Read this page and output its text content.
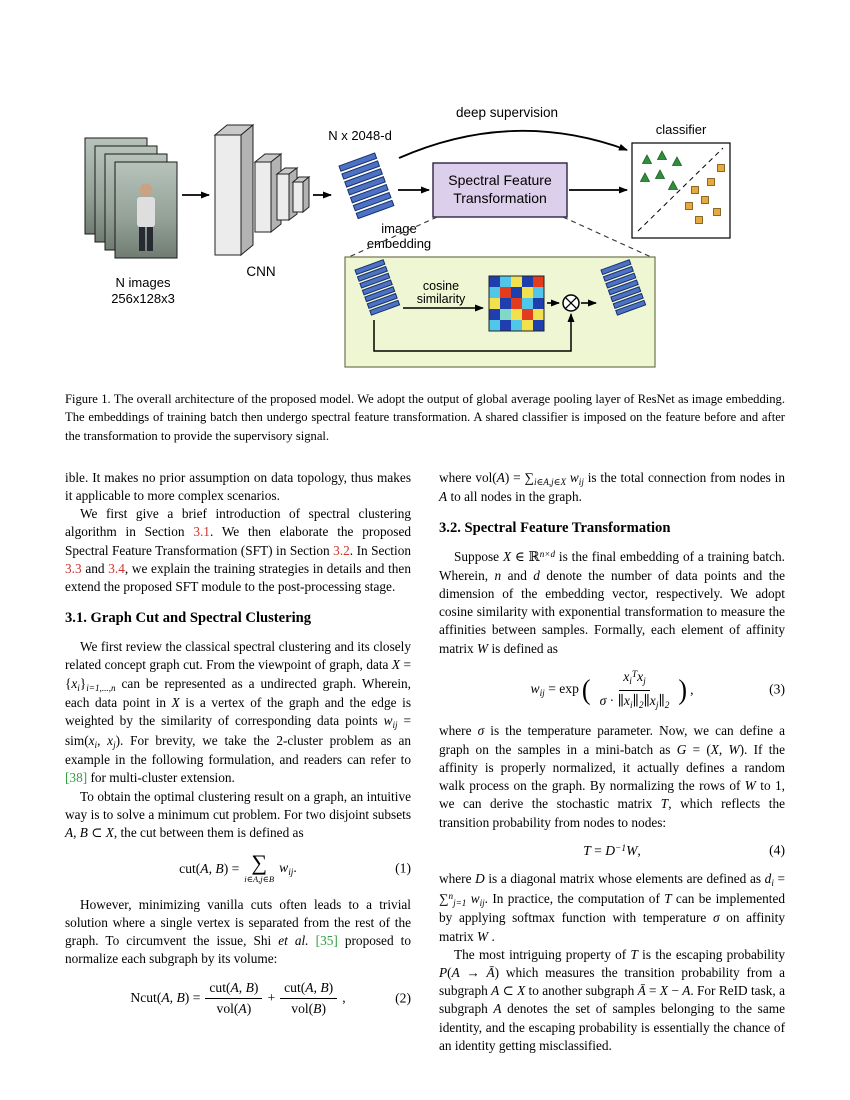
deep supervision
N images
256x128x3
CNN
N x 2048-d
image
embedding
Spectral Feature
Transformation
classifier
cosine
similarity

Figure 1. The overall architecture of the proposed model. We adopt the output of global average pooling layer of ResNet as image embedding. The embeddings of training batch then undergo spectral feature transformation. A shared classifier is imposed on the feature before and after the transformation to provide the supervisory signal.

ible. It makes no prior assumption on data topology, thus makes it applicable to more complex scenarios.

We first give a brief introduction of spectral clustering algorithm in Section 3.1. We then elaborate the proposed Spectral Feature Transformation (SFT) in Section 3.2. In Section 3.3 and 3.4, we explain the training strategies in details and then extend the proposed SFT module to the post-processing stage.

3.1. Graph Cut and Spectral Clustering

We first review the classical spectral clustering and its closely related concept graph cut. From the viewpoint of graph, data $X = \{x_i\}_{i=1,...,n}$ can be represented as a undirected graph. Wherein, each data point in X is a vertex of the graph and the edge is weighted by the similarity of corresponding data points $w_{ij} = sim(x_i$, $x_j$). For brevity, we take the 2-cluster problem as an example in the following formulation, and readers can refer to [38] for multi-cluster extension.

To obtain the optimal clustering result on a graph, an intuitive way is to solve a minimum cut problem. For two disjoint subsets A, B ⊂ X, the cut between them is defined as

cut(A, B) = ∑
i∈A,j∈B
$w_{ij}$.	(1)

However, minimizing vanilla cuts often leads to a trivial solution where a single vertex is separated from the rest of the graph. To circumvent the issue, Shi et al. [35] proposed to normalize each subgraph by its volume:

Ncut(A, $B) = \frac{\text{cut(A, B)}}{\text{vol(A)}} + \frac{\text{cut(A, B)}}{\text{vol(B)}}$ ,	(2)

where $vol(A) = \sum_{i\in A,j\in X}$ $w_{ij}$ is the total connection from nodes in A to all nodes in the graph.

3.2. Spectral Feature Transformation

Suppose X ∈ ℝ$^{n\times d}$ is the final embedding of a training batch. Wherein, n and d denote the number of data points and the dimension of the embedding vector, respectively. We adopt cosine similarity with exponential transformation to measure the affinities between samples. Formally, each element of affinity matrix W is defined as

$w_{ij} = \exp$ ( $\frac{x_i^Tx_j}{\sigma \cdot \parallel x_i\parallel_2\parallel x_j\parallel_2}$ ) ,	(3)

where σ is the temperature parameter. Now, we can define a graph on the samples in a mini-batch as G = (X, W). If the affinity is properly normalized, it actually defines a random walk process on the graph. By normalizing the rows of W to 1, we can derive the stochastic matrix T, which reflects the transition probability from nodes to nodes:

$T = D^{-1}W$,	(4)

where D is a diagonal matrix whose elements are defined as $d_i = \sum^n_{j=1}$ $w_{ij}$. In practice, the computation of T can be implemented by applying softmax function with temperature σ on affinity matrix W .

The most intriguing property of T is the escaping probability P(A → Ā) which measures the transition probability from a subgraph A ⊂ X to another subgraph Ā = X − A. For ReID task, a subgraph A denotes the set of samples belonging to the same identity, and the escaping probability is essentially the chance of an identity getting misclassified.
